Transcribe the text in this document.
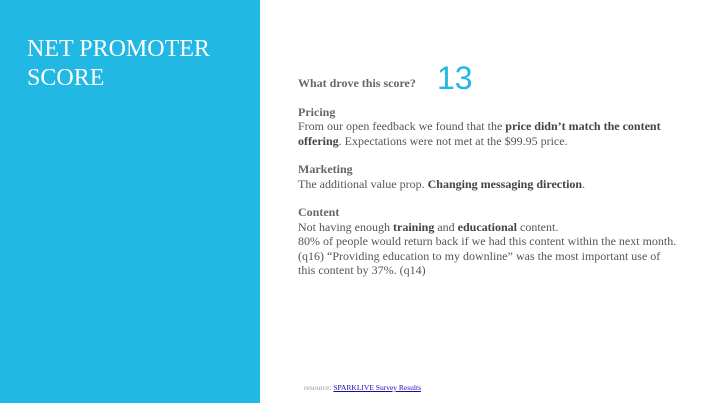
NET PROMOTER SCORE	13
What drove this score?
Pricing

From our open feedback we found that the price didn’t match the content offering. Expectations were not met at the $99.95 price.

Marketing

The additional value prop. Changing messaging direction.

Content

Not having enough training and educational content.

80% of people would return back if we had this content within the next month.(q16) “Providing education to my downline” was the most important use of this content by 37%. (q14)

resource: SPARKLIVE Survey Results
